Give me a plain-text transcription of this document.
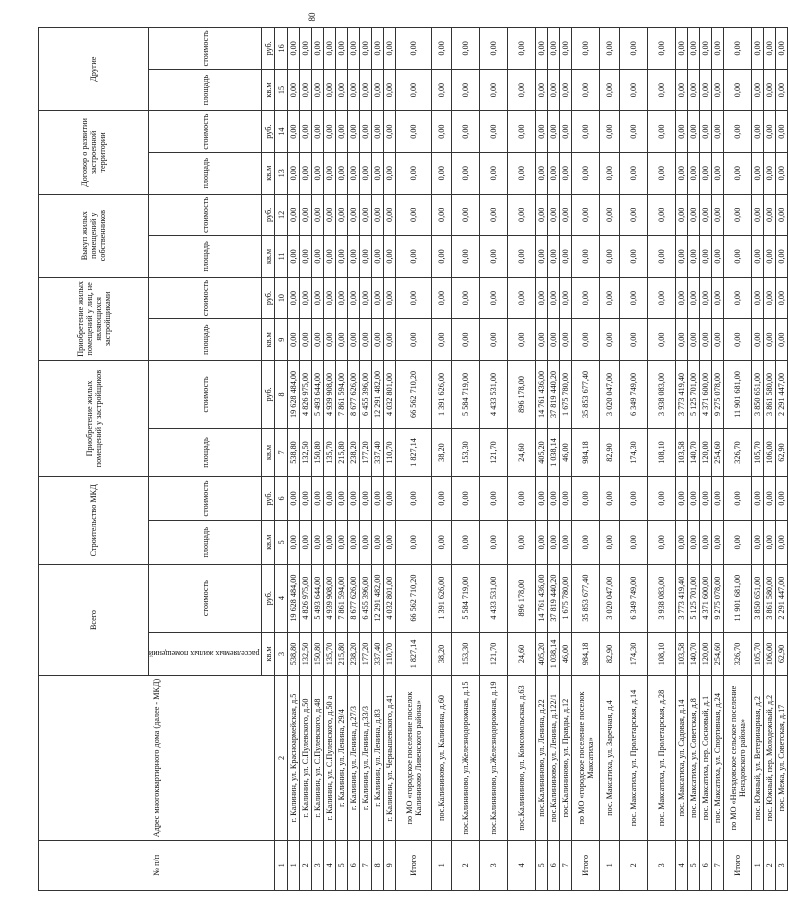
80
№ п/п	Адрес многоквартирного дома (далее - МКД)	Всего		Строительство МКД		Приобретение жилых помещений у застройщиков		Приобретение жилых помещений у лиц, не являющихся застройщиками		Выкуп жилых помещений у собственников		Договор о развитии застроенной территории		Другие	
		расселяемых жилых помещений	стоимость	площадь	стоимость	площадь	стоимость	площадь	стоимость	площадь	стоимость	площадь	стоимость	площадь	стоимость
		кв.м	руб.	кв.м	руб.	кв.м	руб.	кв.м	руб.	кв.м	руб.	кв.м	руб.	кв.м	руб.
1	2	3	4	5	6	7	8	9	10	11	12	13	14	15	16
1	г. Калинин, ул. Красноармейская, д.5	538,80	19 628 484,00	0,00	0,00	538,80	19 628 484,00	0,00	0,00	0,00	0,00	0,00	0,00	0,00	0,00
2	г. Калинин, ул. С.Пулевского, д.50	132,50	4 826 975,00	0,00	0,00	132,50	4 826 975,00	0,00	0,00	0,00	0,00	0,00	0,00	0,00	0,00
3	г. Калинин, ул. С.Пулевского, д.48	150,80	5 493 644,00	0,00	0,00	150,80	5 493 644,00	0,00	0,00	0,00	0,00	0,00	0,00	0,00	0,00
4	г. Калинин, ул. С.Пулевского, д.50 а	135,70	4 939 908,00	0,00	0,00	135,70	4 939 908,00	0,00	0,00	0,00	0,00	0,00	0,00	0,00	0,00
5	г. Калинин, ул. Ленина, 29/4	215,80	7 861 594,00	0,00	0,00	215,80	7 861 594,00	0,00	0,00	0,00	0,00	0,00	0,00	0,00	0,00
6	г. Калинин, ул. Ленина, д.27/3	238,20	8 677 626,00	0,00	0,00	238,20	8 677 626,00	0,00	0,00	0,00	0,00	0,00	0,00	0,00	0,00
7	г. Калинин, ул. Ленина, д.33/3	177,20	6 455 396,00	0,00	0,00	177,20	6 455 396,00	0,00	0,00	0,00	0,00	0,00	0,00	0,00	0,00
8	г. Калинин, ул. Ленина, д.83	337,40	12 291 482,00	0,00	0,00	337,40	12 291 482,00	0,00	0,00	0,00	0,00	0,00	0,00	0,00	0,00
9	г. Калинин, ул. Чернышевского, д.41	110,70	4 032 801,00	0,00	0,00	110,70	4 032 801,00	0,00	0,00	0,00	0,00	0,00	0,00	0,00	0,00
Итого	по МО «городское поселение поселок Калининово Ливенского района»	1 827,14	66 562 710,20	0,00	0,00	1 827,14	66 562 710,20	0,00	0,00	0,00	0,00	0,00	0,00	0,00	0,00
1	пос.Калининово, ул. Калинина, д.60	38,20	1 391 626,00	0,00	0,00	38,20	1 391 626,00	0,00	0,00	0,00	0,00	0,00	0,00	0,00	0,00
2	пос.Калининово, ул.Железнодорожная, д.15	153,30	5 584 719,00	0,00	0,00	153,30	5 584 719,00	0,00	0,00	0,00	0,00	0,00	0,00	0,00	0,00
3	пос.Калининово, ул.Железнодорожная, д.19	121,70	4 433 531,00	0,00	0,00	121,70	4 433 531,00	0,00	0,00	0,00	0,00	0,00	0,00	0,00	0,00
4	пос.Калининово, ул. Комсомольская, д.63	24,60	896 178,00	0,00	0,00	24,60	896 178,00	0,00	0,00	0,00	0,00	0,00	0,00	0,00	0,00
5	пос.Калининово, ул. Ленина, д.22	405,20	14 761 436,00	0,00	0,00	405,20	14 761 436,00	0,00	0,00	0,00	0,00	0,00	0,00	0,00	0,00
6	пос.Калининово, ул. Ленина, д.122/1	1 038,14	37 819 440,20	0,00	0,00	1 038,14	37 819 440,20	0,00	0,00	0,00	0,00	0,00	0,00	0,00	0,00
7	пос.Калининово, ул. Правды, д.12	46,00	1 675 780,00	0,00	0,00	46,00	1 675 780,00	0,00	0,00	0,00	0,00	0,00	0,00	0,00	0,00
Итого	по МО «городское поселение поселок Максатиха»	984,18	35 853 677,40	0,00	0,00	984,18	35 853 677,40	0,00	0,00	0,00	0,00	0,00	0,00	0,00	0,00
1	пос. Максатиха, ул. Заречная, д.4	82,90	3 020 047,00	0,00	0,00	82,90	3 020 047,00	0,00	0,00	0,00	0,00	0,00	0,00	0,00	0,00
2	пос. Максатиха, ул. Пролетарская, д.14	174,30	6 349 749,00	0,00	0,00	174,30	6 349 749,00	0,00	0,00	0,00	0,00	0,00	0,00	0,00	0,00
3	пос. Максатиха, ул. Пролетарская, д.28	108,10	3 938 083,00	0,00	0,00	108,10	3 938 083,00	0,00	0,00	0,00	0,00	0,00	0,00	0,00	0,00
4	пос. Максатиха, ул. Садовая, д.14	103,58	3 773 419,40	0,00	0,00	103,58	3 773 419,40	0,00	0,00	0,00	0,00	0,00	0,00	0,00	0,00
5	пос. Максатиха, ул. Советская, д.8	140,70	5 125 701,00	0,00	0,00	140,70	5 125 701,00	0,00	0,00	0,00	0,00	0,00	0,00	0,00	0,00
6	пос. Максатиха, пер. Сосновый, д.1	120,00	4 371 600,00	0,00	0,00	120,00	4 371 600,00	0,00	0,00	0,00	0,00	0,00	0,00	0,00	0,00
7	пос. Максатиха, ул. Спортивная, д.24	254,60	9 275 078,00	0,00	0,00	254,60	9 275 078,00	0,00	0,00	0,00	0,00	0,00	0,00	0,00	0,00
Итого	по МО «Ненздовское сельское поселение Ненздовского района»	326,70	11 901 681,00	0,00	0,00	326,70	11 901 681,00	0,00	0,00	0,00	0,00	0,00	0,00	0,00	0,00
1	пос. Южный, ул. Ветеринарная, д.2	105,70	3 850 651,00	0,00	0,00	105,70	3 850 651,00	0,00	0,00	0,00	0,00	0,00	0,00	0,00	0,00
2	пос. Южный, пер. Молодежный, д.2	106,00	3 861 580,00	0,00	0,00	106,00	3 861 580,00	0,00	0,00	0,00	0,00	0,00	0,00	0,00	0,00
3	пос. Межа, ул. Советская, д.17	62,90	2 291 447,00	0,00	0,00	62,90	2 291 447,00	0,00	0,00	0,00	0,00	0,00	0,00	0,00	0,00
